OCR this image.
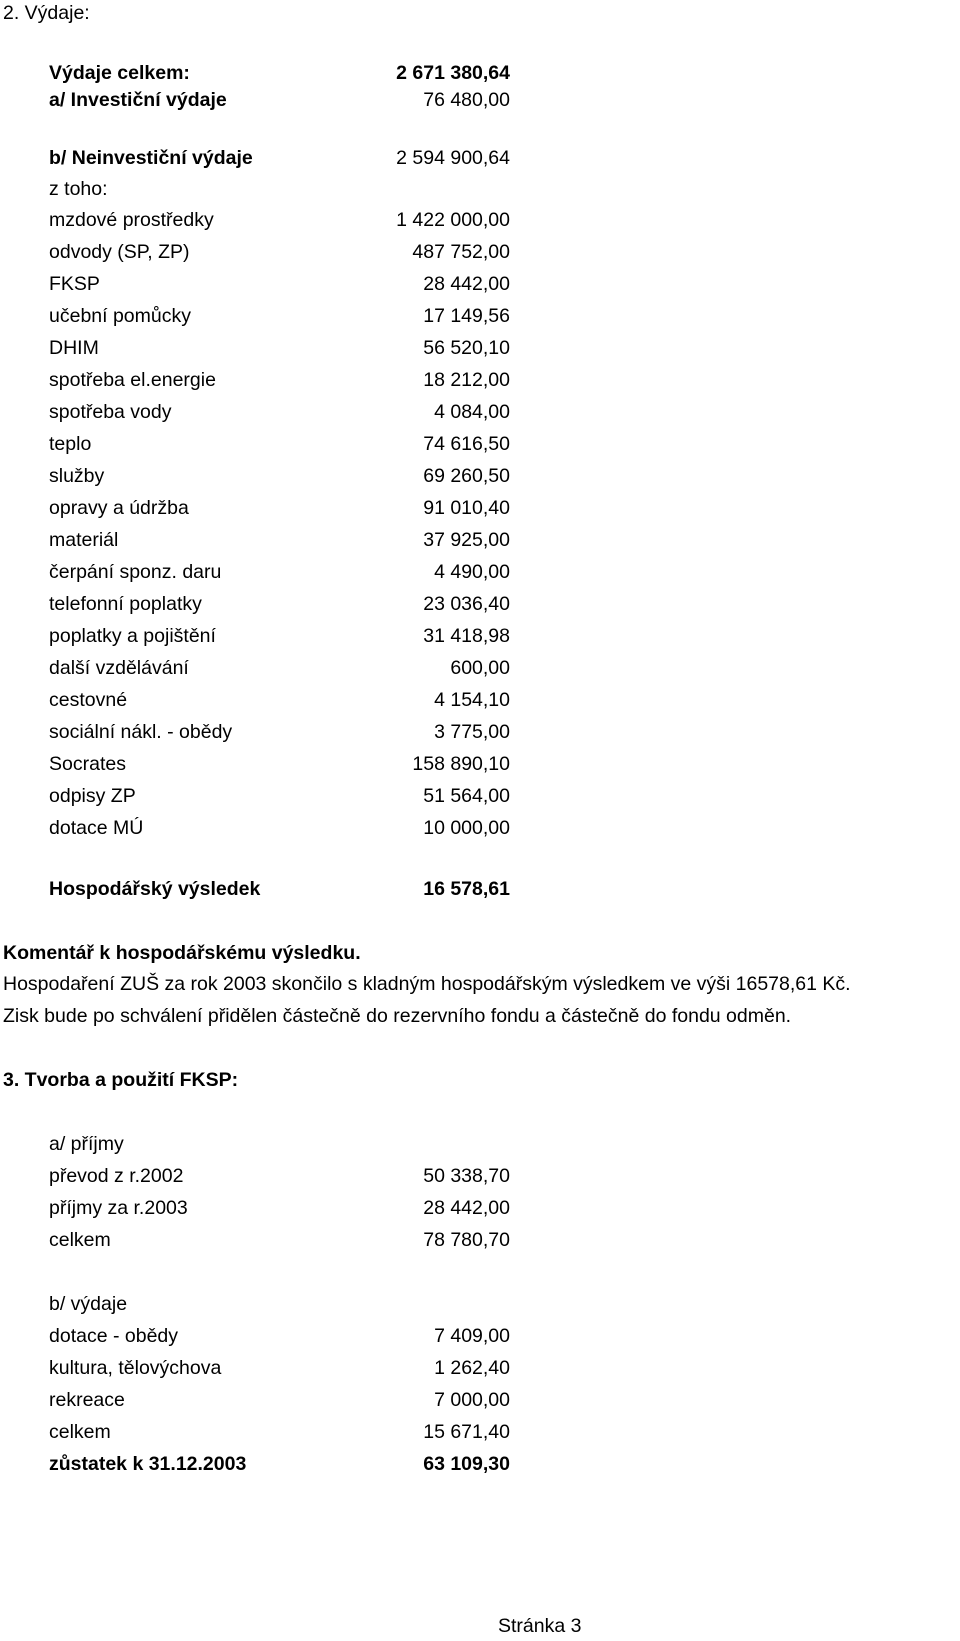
2. Výdaje:
Výdaje celkem:	2 671 380,64
a/ Investiční výdaje	76 480,00
b/ Neinvestiční výdaje	2 594 900,64
z toho:
mzdové prostředky	1 422 000,00
odvody (SP, ZP)	487 752,00
FKSP	28 442,00
učební pomůcky	17 149,56
DHIM	56 520,10
spotřeba el.energie	18 212,00
spotřeba vody	4 084,00
teplo	74 616,50
služby	69 260,50
opravy a údržba	91 010,40
materiál	37 925,00
čerpání sponz. daru	4 490,00
telefonní poplatky	23 036,40
poplatky a pojištění	31 418,98
další vzdělávání	600,00
cestovné	4 154,10
sociální nákl. - obědy	3 775,00
Socrates	158 890,10
odpisy ZP	51 564,00
dotace MÚ	10 000,00
Hospodářský výsledek	16 578,61
Komentář k hospodářskému výsledku.
Hospodaření ZUŠ za rok 2003 skončilo s kladným hospodářským výsledkem ve výši 16578,61 Kč.
Zisk bude po schválení přidělen částečně do rezervního fondu a částečně do fondu odměn.
3. Tvorba a použití FKSP:
a/ příjmy
převod z r.2002	50 338,70
příjmy za r.2003	28 442,00
celkem	78 780,70
b/ výdaje
dotace - obědy	7 409,00
kultura, tělovýchova	1 262,40
rekreace	7 000,00
celkem	15 671,40
zůstatek k 31.12.2003	63 109,30
Stránka 3
